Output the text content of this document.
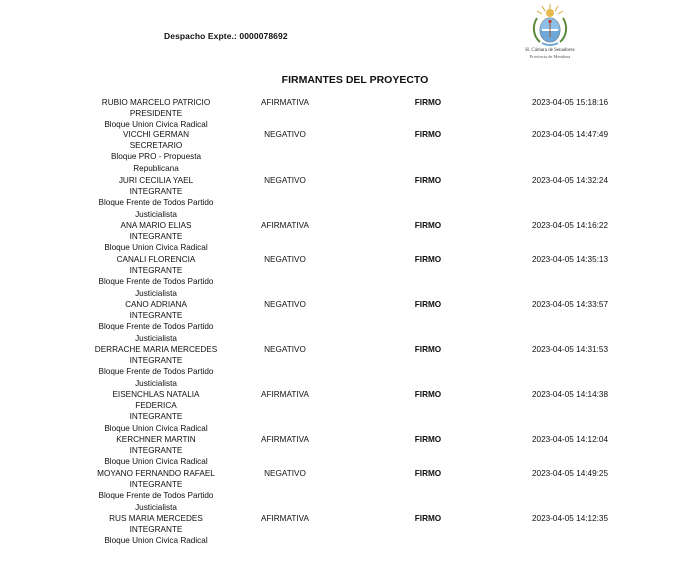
Despacho Expte.: 0000078692
H. Cámara de Senadores
Provincia de Mendoza
FIRMANTES DEL PROYECTO
RUBIO MARCELO PATRICIO
PRESIDENTE
Bloque Union Civica Radical
AFIRMATIVA	FIRMO	2023-04-05 15:18:16
VICCHI GERMAN
SECRETARIO
Bloque PRO - Propuesta Republicana
NEGATIVO	FIRMO	2023-04-05 14:47:49
JURI CECILIA YAEL
INTEGRANTE
Bloque Frente de Todos Partido Justicialista
NEGATIVO	FIRMO	2023-04-05 14:32:24
ANA MARIO ELIAS
INTEGRANTE
Bloque Union Civica Radical
AFIRMATIVA	FIRMO	2023-04-05 14:16:22
CANALI FLORENCIA
INTEGRANTE
Bloque Frente de Todos Partido Justicialista
NEGATIVO	FIRMO	2023-04-05 14:35:13
CANO ADRIANA
INTEGRANTE
Bloque Frente de Todos Partido Justicialista
NEGATIVO	FIRMO	2023-04-05 14:33:57
DERRACHE MARIA MERCEDES
INTEGRANTE
Bloque Frente de Todos Partido Justicialista
NEGATIVO	FIRMO	2023-04-05 14:31:53
EISENCHLAS NATALIA FEDERICA
INTEGRANTE
Bloque Union Civica Radical
AFIRMATIVA	FIRMO	2023-04-05 14:14:38
KERCHNER MARTIN
INTEGRANTE
Bloque Union Civica Radical
AFIRMATIVA	FIRMO	2023-04-05 14:12:04
MOYANO FERNANDO RAFAEL
INTEGRANTE
Bloque Frente de Todos Partido Justicialista
NEGATIVO	FIRMO	2023-04-05 14:49:25
RUS MARIA MERCEDES
INTEGRANTE
Bloque Union Civica Radical
AFIRMATIVA	FIRMO	2023-04-05 14:12:35
